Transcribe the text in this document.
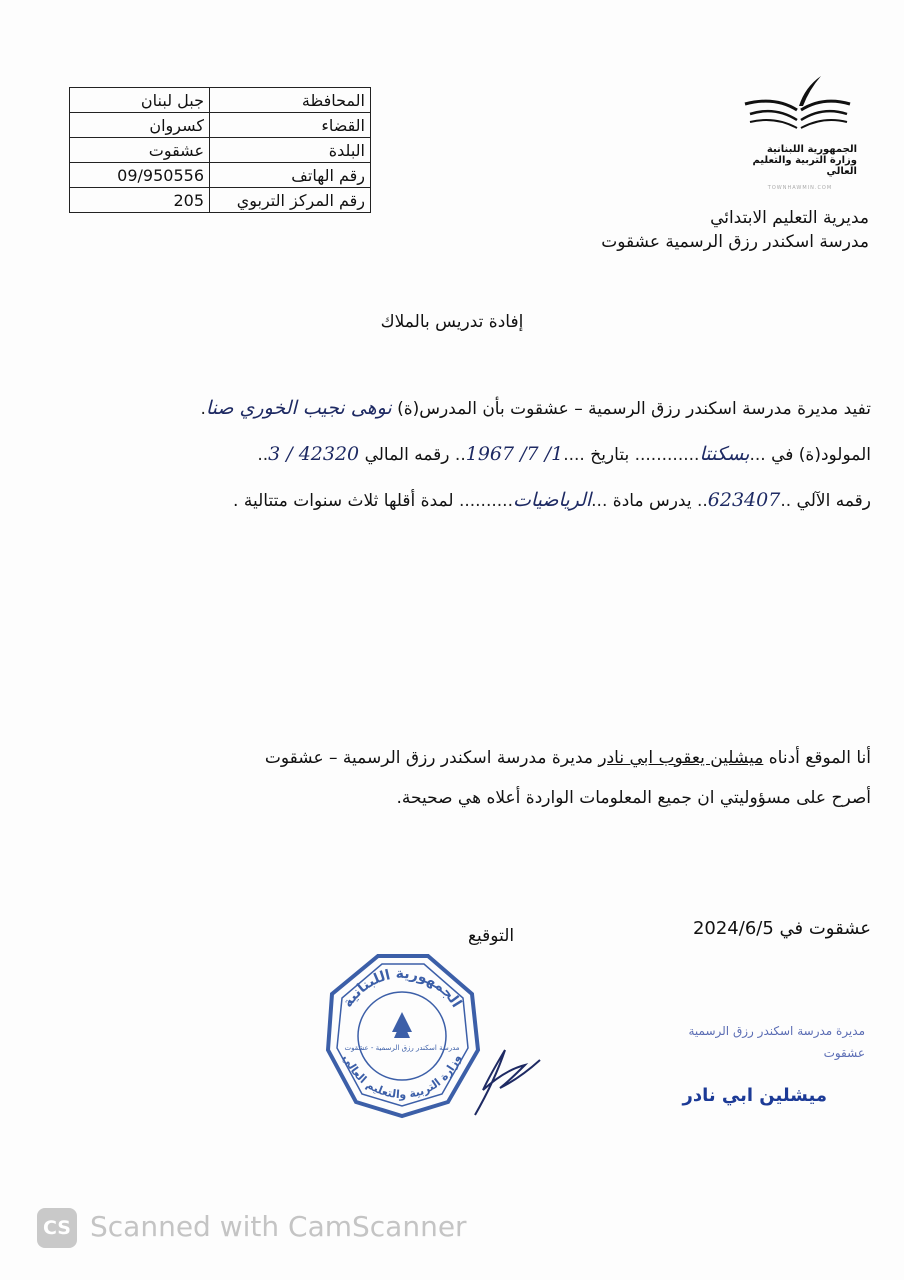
المحافظة	جبل لبنان
القضاء	كسروان
البلدة	عشقوت
رقم الهاتف	09/950556
رقم المركز التربوي	205
الجمهورية اللبنانية
وزارة التربية والتعليم العالي
TOWNHAWMIN.COM
مديرية التعليم الابتدائي
مدرسة اسكندر رزق الرسمية عشقوت
إفادة تدريس بالملاك
تفيد مديرة مدرسة اسكندر رزق الرسمية – عشقوت بأن المدرس(ة) نوهى نجيب الخوري صنا.
المولود(ة) في ...بسكنتا............ بتاريخ ....1/ 7/ 1967.. رقمه المالي 42320 / 3..
رقمه الآلي ..623407.. يدرس مادة ...الرياضيات.......... لمدة أقلها ثلاث سنوات متتالية .
أنا الموقع أدناه ميشلين يعقوب ابي نادر مديرة مدرسة اسكندر رزق الرسمية – عشقوت
أصرح على مسؤوليتي ان جميع المعلومات الواردة أعلاه هي صحيحة.
عشقوت في 2024/6/5
التوقيع
الجمهورية اللبنانية
وزارة التربية والتعليم العالي
مدرسة اسكندر رزق الرسمية - عشقوت
مديرة مدرسة اسكندر رزق الرسمية
عشقوت
ميشلين ابي نادر
CS Scanned with CamScanner
